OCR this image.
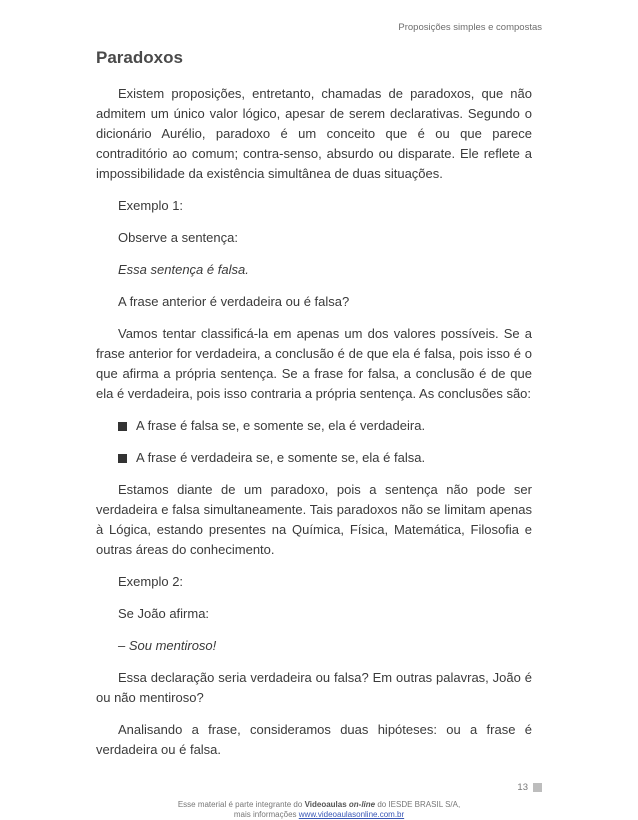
Proposições simples e compostas
Paradoxos

Existem proposições, entretanto, chamadas de paradoxos, que não admitem um único valor lógico, apesar de serem declarativas. Segundo o dicionário Aurélio, paradoxo é um conceito que é ou que parece contraditório ao comum; contra-senso, absurdo ou disparate. Ele reflete a impossibilidade da existência simultânea de duas situações.

Exemplo 1:

Observe a sentença:

Essa sentença é falsa.

A frase anterior é verdadeira ou é falsa?

Vamos tentar classificá-la em apenas um dos valores possíveis. Se a frase anterior for verdadeira, a conclusão é de que ela é falsa, pois isso é o que afirma a própria sentença. Se a frase for falsa, a conclusão é de que ela é verdadeira, pois isso contraria a própria sentença. As conclusões são:

A frase é falsa se, e somente se, ela é verdadeira.
A frase é verdadeira se, e somente se, ela é falsa.

Estamos diante de um paradoxo, pois a sentença não pode ser verdadeira e falsa simultaneamente. Tais paradoxos não se limitam apenas à Lógica, estando presentes na Química, Física, Matemática, Filosofia e outras áreas do conhecimento.

Exemplo 2:

Se João afirma:

– Sou mentiroso!

Essa declaração seria verdadeira ou falsa? Em outras palavras, João é ou não mentiroso?

Analisando a frase, consideramos duas hipóteses: ou a frase é verdadeira ou é falsa.

13
Esse material é parte integrante do Videoaulas on-line do IESDE BRASIL S/A,
mais informações www.videoaulasonline.com.br
